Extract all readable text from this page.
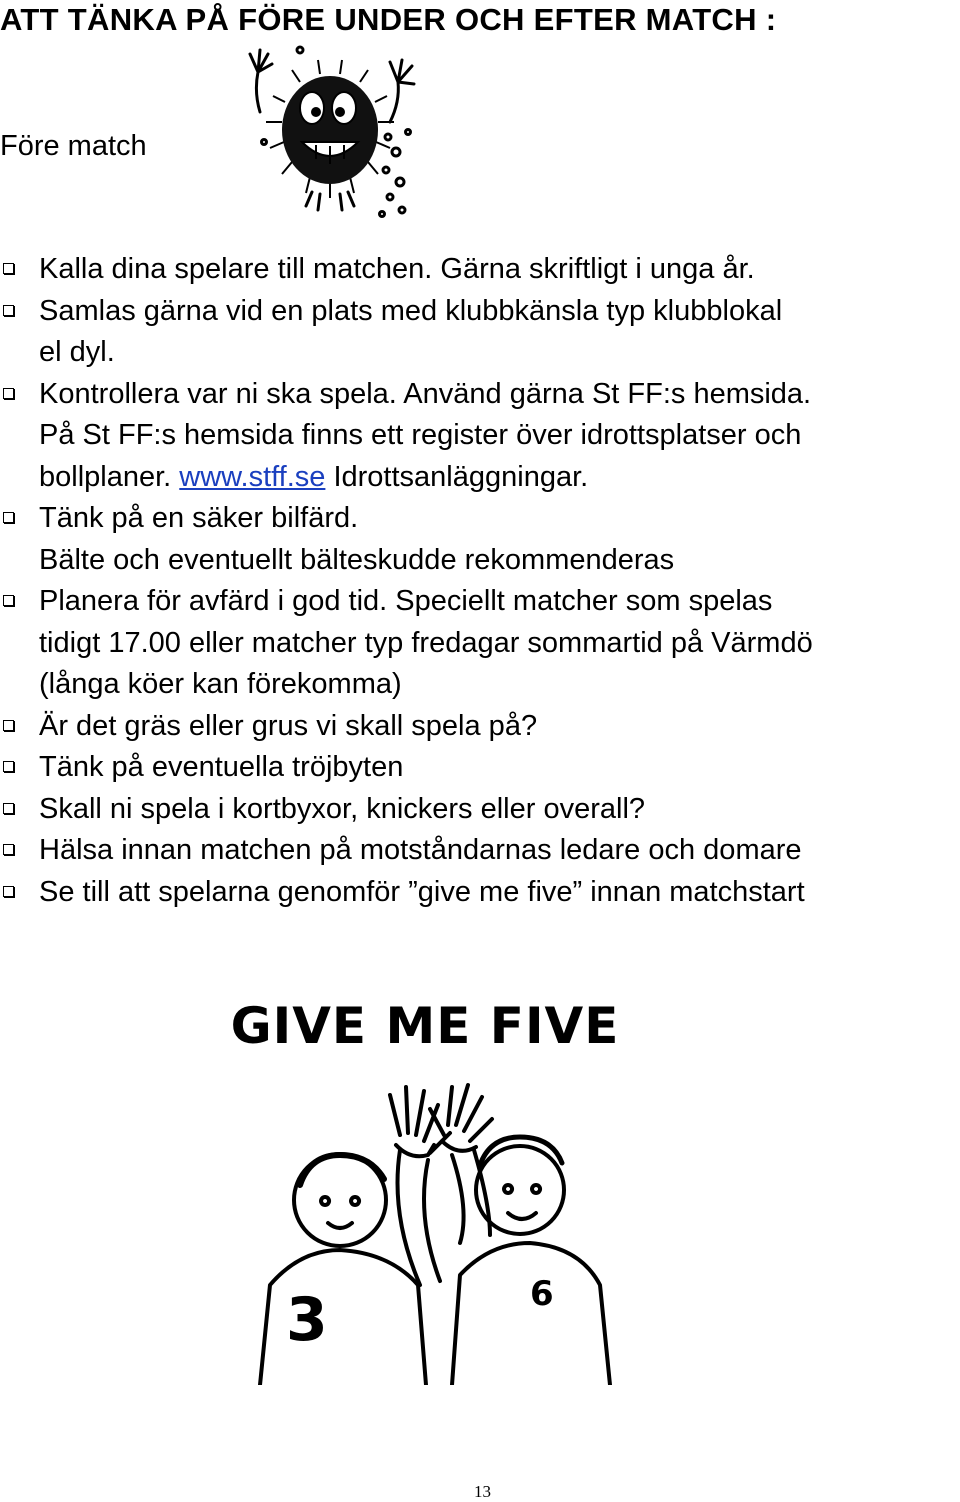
ATT TÄNKA PÅ FÖRE UNDER OCH EFTER MATCH :
Före match
Kalla dina spelare till matchen. Gärna skriftligt i unga år.
Samlas gärna vid en plats med klubbkänsla typ klubblokal
el dyl.
Kontrollera var ni ska spela. Använd gärna St FF:s hemsida.
På St FF:s hemsida finns ett register över idrottsplatser och
bollplaner. www.stff.se Idrottsanläggningar.
Tänk på en säker bilfärd.
Bälte och eventuellt bälteskudde rekommenderas
Planera för avfärd i god tid. Speciellt matcher som spelas
tidigt 17.00 eller matcher typ fredagar sommartid på Värmdö
(långa köer kan förekomma)
Är det gräs eller grus vi skall spela på?
Tänk på eventuella tröjbyten
Skall ni spela i kortbyxor, knickers eller overall?
Hälsa innan matchen på motståndarnas ledare och domare
Se till att spelarna genomför ”give me five” innan matchstart
GIVE ME FIVE
3	6
13
